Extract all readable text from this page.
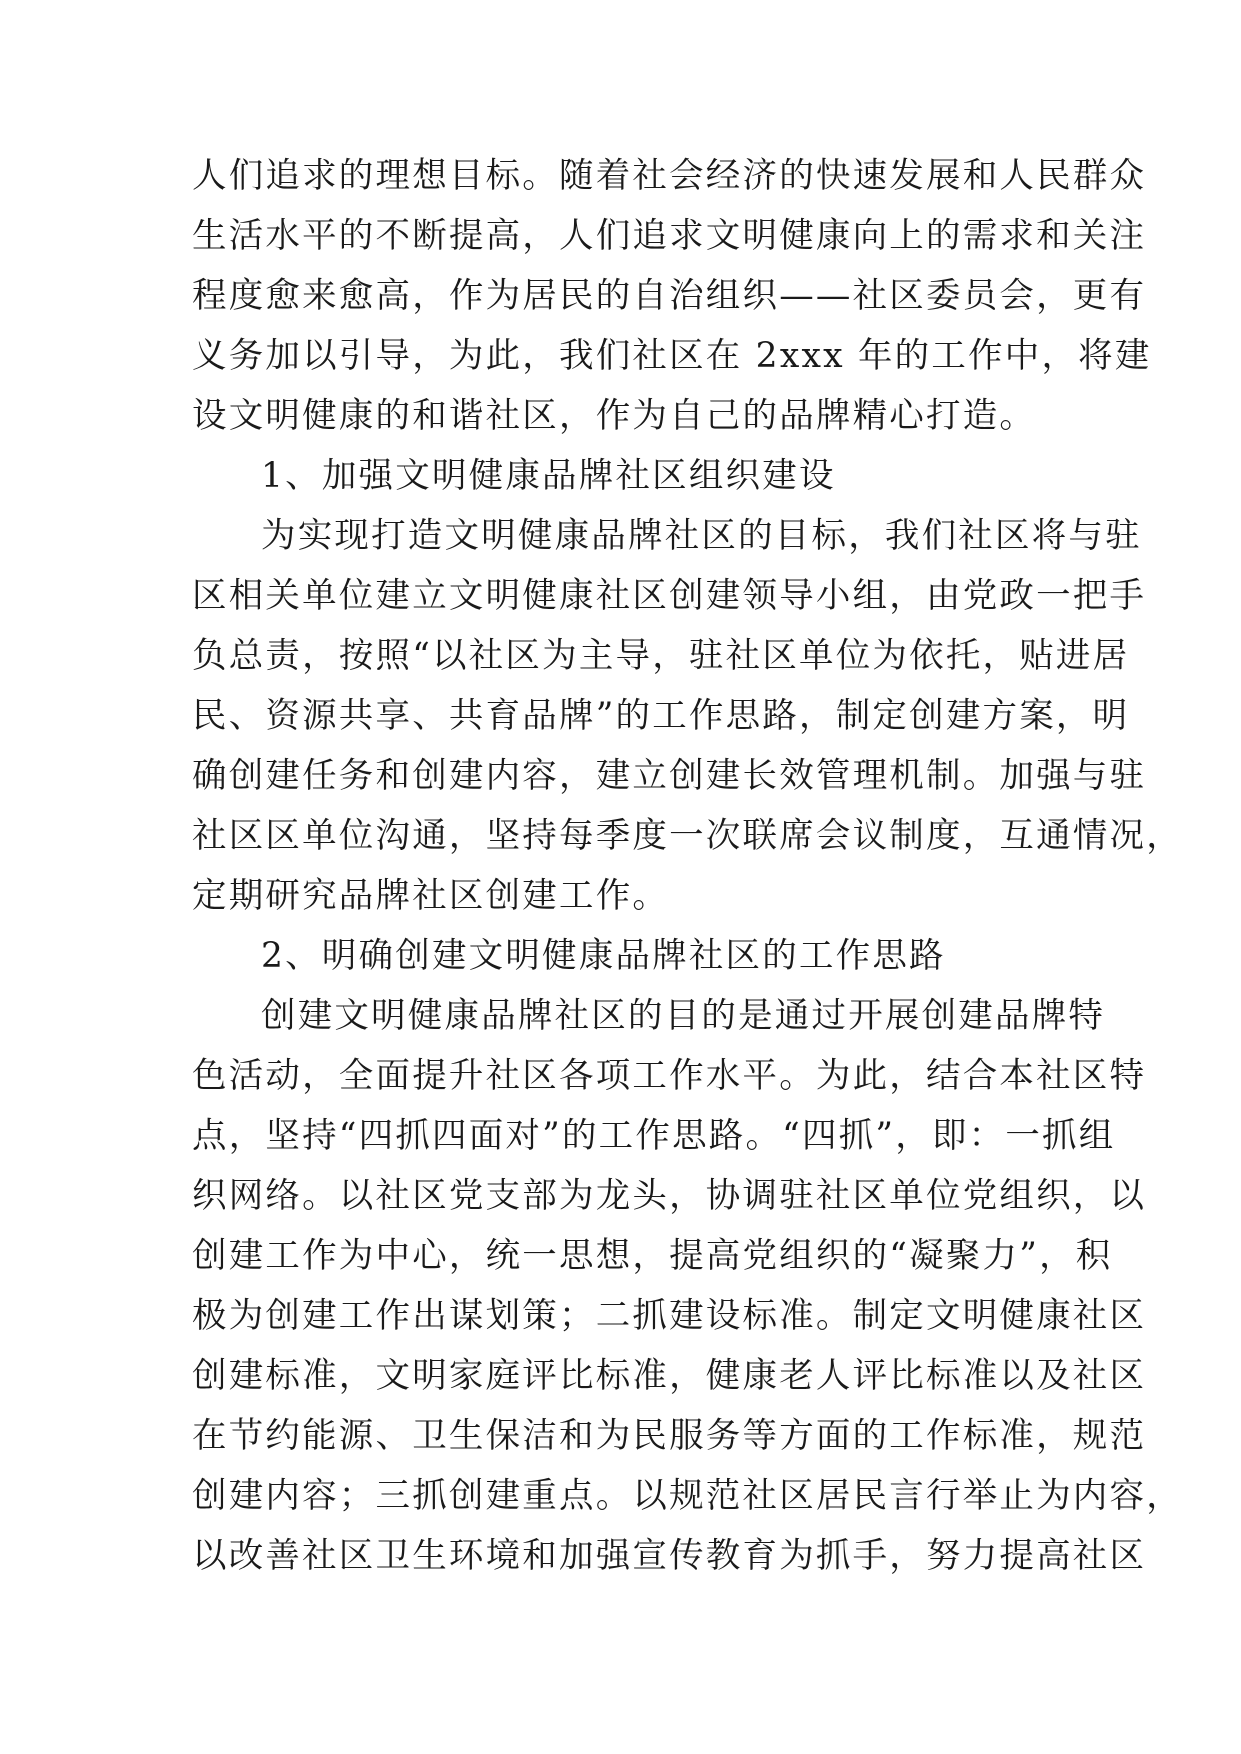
人们追求的理想目标。随着社会经济的快速发展和人民群众
生活水平的不断提高，人们追求文明健康向上的需求和关注
程度愈来愈高，作为居民的自治组织——社区委员会，更有
义务加以引导，为此，我们社区在 2xxx 年的工作中，将建
设文明健康的和谐社区，作为自己的品牌精心打造。
1、加强文明健康品牌社区组织建设
为实现打造文明健康品牌社区的目标，我们社区将与驻
区相关单位建立文明健康社区创建领导小组，由党政一把手
负总责，按照“以社区为主导，驻社区单位为依托，贴进居
民、资源共享、共育品牌”的工作思路，制定创建方案，明
确创建任务和创建内容，建立创建长效管理机制。加强与驻
社区区单位沟通，坚持每季度一次联席会议制度，互通情况，
定期研究品牌社区创建工作。
2、明确创建文明健康品牌社区的工作思路
创建文明健康品牌社区的目的是通过开展创建品牌特
色活动，全面提升社区各项工作水平。为此，结合本社区特
点，坚持“四抓四面对”的工作思路。“四抓”，即：一抓组
织网络。以社区党支部为龙头，协调驻社区单位党组织，以
创建工作为中心，统一思想，提高党组织的“凝聚力”，积
极为创建工作出谋划策；二抓建设标准。制定文明健康社区
创建标准，文明家庭评比标准，健康老人评比标准以及社区
在节约能源、卫生保洁和为民服务等方面的工作标准，规范
创建内容；三抓创建重点。以规范社区居民言行举止为内容，
以改善社区卫生环境和加强宣传教育为抓手，努力提高社区
